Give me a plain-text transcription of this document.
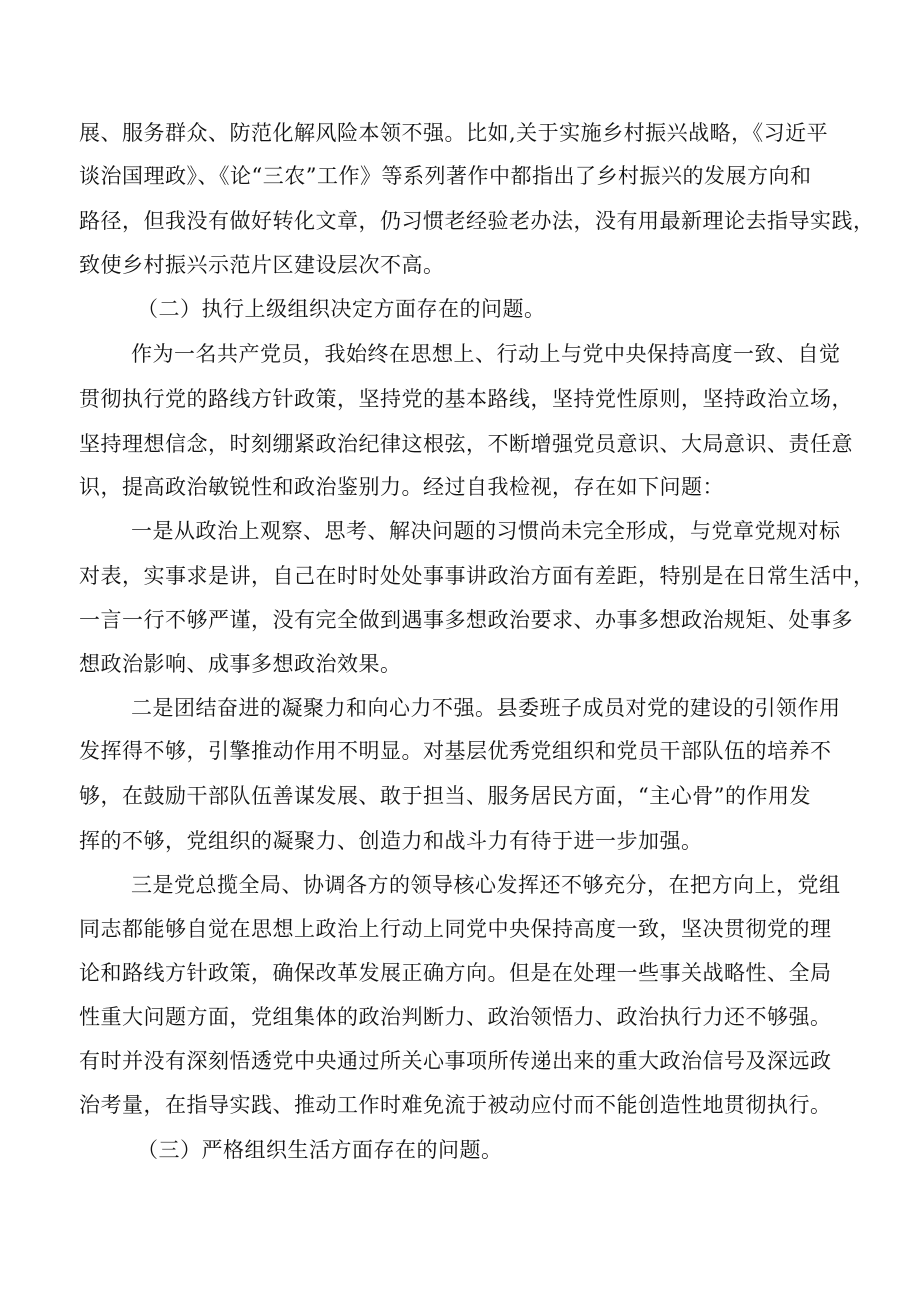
展、服务群众、防范化解风险本领不强。比如,关于实施乡村振兴战略，《习近平
谈治国理政》、《论“三农”工作》等系列著作中都指出了乡村振兴的发展方向和
路径，但我没有做好转化文章，仍习惯老经验老办法，没有用最新理论去指导实践，
致使乡村振兴示范片区建设层次不高。
（二）执行上级组织决定方面存在的问题。
作为一名共产党员，我始终在思想上、行动上与党中央保持高度一致、自觉
贯彻执行党的路线方针政策，坚持党的基本路线，坚持党性原则，坚持政治立场，
坚持理想信念，时刻绷紧政治纪律这根弦，不断增强党员意识、大局意识、责任意
识，提高政治敏锐性和政治鉴别力。经过自我检视，存在如下问题：
一是从政治上观察、思考、解决问题的习惯尚未完全形成，与党章党规对标
对表，实事求是讲，自己在时时处处事事讲政治方面有差距，特别是在日常生活中，
一言一行不够严谨，没有完全做到遇事多想政治要求、办事多想政治规矩、处事多
想政治影响、成事多想政治效果。
二是团结奋进的凝聚力和向心力不强。县委班子成员对党的建设的引领作用
发挥得不够，引擎推动作用不明显。对基层优秀党组织和党员干部队伍的培养不
够，在鼓励干部队伍善谋发展、敢于担当、服务居民方面，“主心骨”的作用发
挥的不够，党组织的凝聚力、创造力和战斗力有待于进一步加强。
三是党总揽全局、协调各方的领导核心发挥还不够充分，在把方向上，党组
同志都能够自觉在思想上政治上行动上同党中央保持高度一致，坚决贯彻党的理
论和路线方针政策，确保改革发展正确方向。但是在处理一些事关战略性、全局
性重大问题方面，党组集体的政治判断力、政治领悟力、政治执行力还不够强。
有时并没有深刻悟透党中央通过所关心事项所传递出来的重大政治信号及深远政
治考量，在指导实践、推动工作时难免流于被动应付而不能创造性地贯彻执行。
（三）严格组织生活方面存在的问题。
